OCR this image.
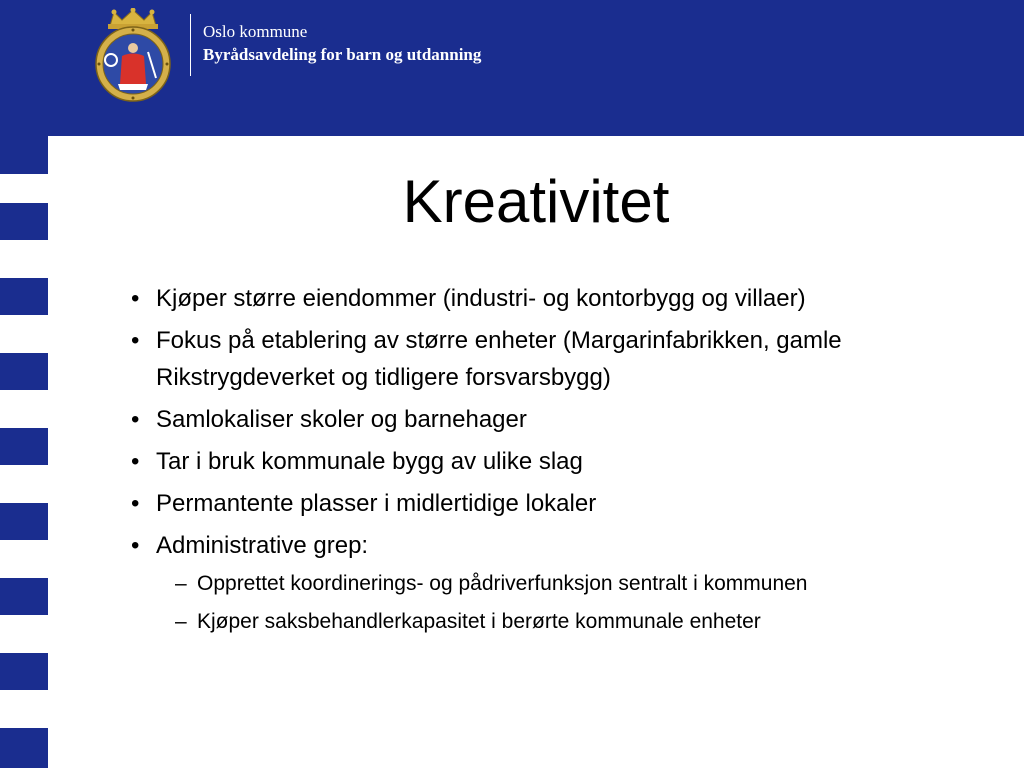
Oslo kommune
Byrådsavdeling for barn og utdanning
Kreativitet
• Kjøper større eiendommer (industri- og kontorbygg og villaer)
• Fokus på etablering av større enheter (Margarinfabrikken, gamle Rikstrygdeverket og tidligere forsvarsbygg)
• Samlokaliser skoler og barnehager
• Tar i bruk kommunale bygg av ulike slag
• Permantente plasser i midlertidige lokaler
• Administrative grep:
– Opprettet koordinerings- og pådriverfunksjon sentralt i kommunen
– Kjøper saksbehandlerkapasitet i berørte kommunale enheter
